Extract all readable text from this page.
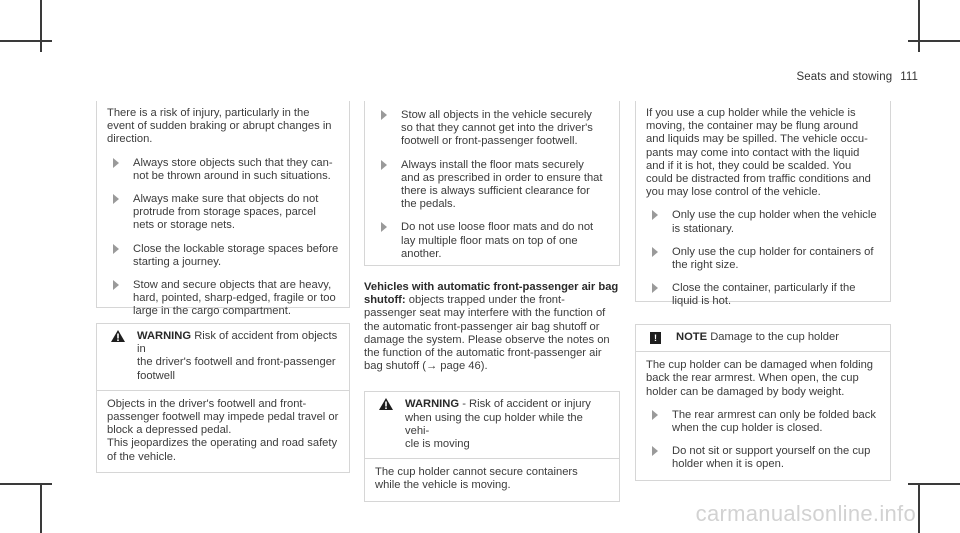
Seats and stowing 111

There is a risk of injury, particularly in the

event of sudden braking or abrupt changes in

direction.

Always store objects such that they can-

not be thrown around in such situations.

Always make sure that objects do not

protrude from storage spaces, parcel

nets or storage nets.

Close the lockable storage spaces before

starting a journey.

Stow and secure objects that are heavy,

hard, pointed, sharp-edged, fragile or too

large in the cargo compartment.

WARNING Risk of accident from objects in

the driver's footwell and front-passenger

footwell

Objects in the driver's footwell and front-

passenger footwell may impede pedal travel or

block a depressed pedal.

This jeopardizes the operating and road safety

of the vehicle.

Stow all objects in the vehicle securely

so that they cannot get into the driver's

footwell or front-passenger footwell.

Always install the floor mats securely

and as prescribed in order to ensure that

there is always sufficient clearance for

the pedals.

Do not use loose floor mats and do not

lay multiple floor mats on top of one

another.

Vehicles with automatic front-passenger air bag

shutoff: objects trapped under the front-

passenger seat may interfere with the function of

the automatic front-passenger air bag shutoff or

damage the system. Please observe the notes on

the function of the automatic front-passenger air

bag shutoff (→ page 46).

WARNING - Risk of accident or injury

when using the cup holder while the vehi-

cle is moving

The cup holder cannot secure containers

while the vehicle is moving.

If you use a cup holder while the vehicle is

moving, the container may be flung around

and liquids may be spilled. The vehicle occu-

pants may come into contact with the liquid

and if it is hot, they could be scalded. You

could be distracted from traffic conditions and

you may lose control of the vehicle.

Only use the cup holder when the vehicle

is stationary.

Only use the cup holder for containers of

the right size.

Close the container, particularly if the

liquid is hot.

!	NOTE Damage to the cup holder

The cup holder can be damaged when folding

back the rear armrest. When open, the cup

holder can be damaged by body weight.

The rear armrest can only be folded back

when the cup holder is closed.

Do not sit or support yourself on the cup

holder when it is open.

carmanualsonline.info
